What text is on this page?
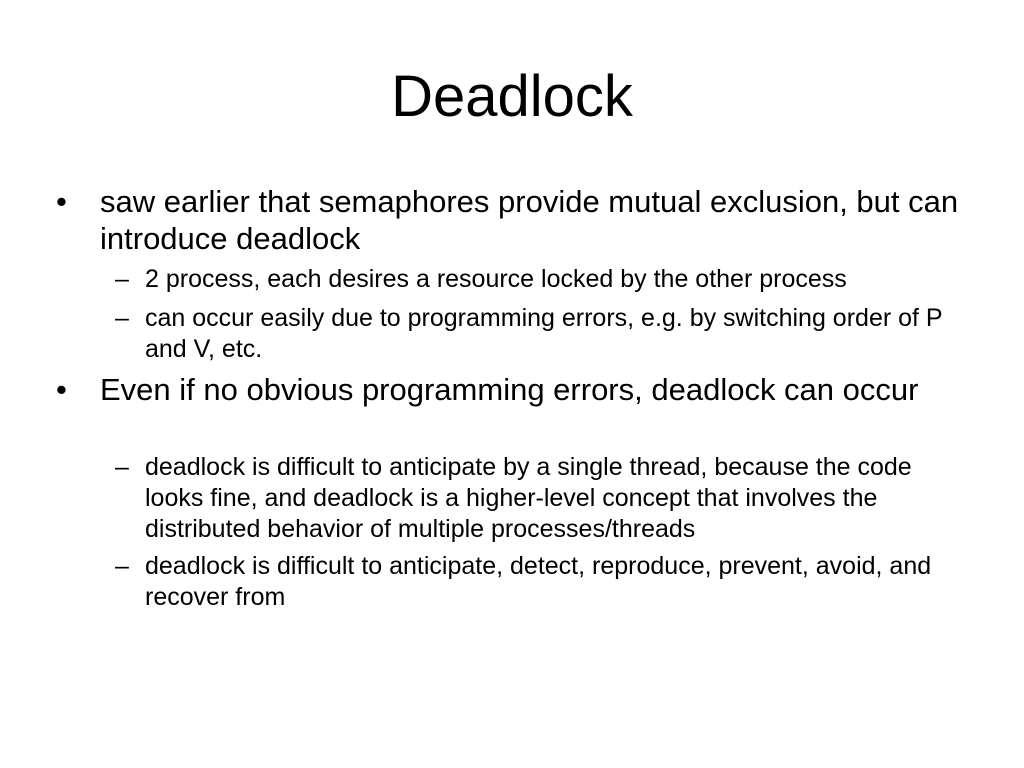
Deadlock
• saw earlier that semaphores provide mutual exclusion, but can introduce deadlock
– 2 process, each desires a resource locked by the other process
– can occur easily due to programming errors, e.g. by switching order of P and V, etc.
• Even if no obvious programming errors, deadlock can occur
– deadlock is difficult to anticipate by a single thread, because the code looks fine, and deadlock is a higher-level concept that involves the distributed behavior of multiple processes/threads
– deadlock is difficult to anticipate, detect, reproduce, prevent, avoid, and recover from
